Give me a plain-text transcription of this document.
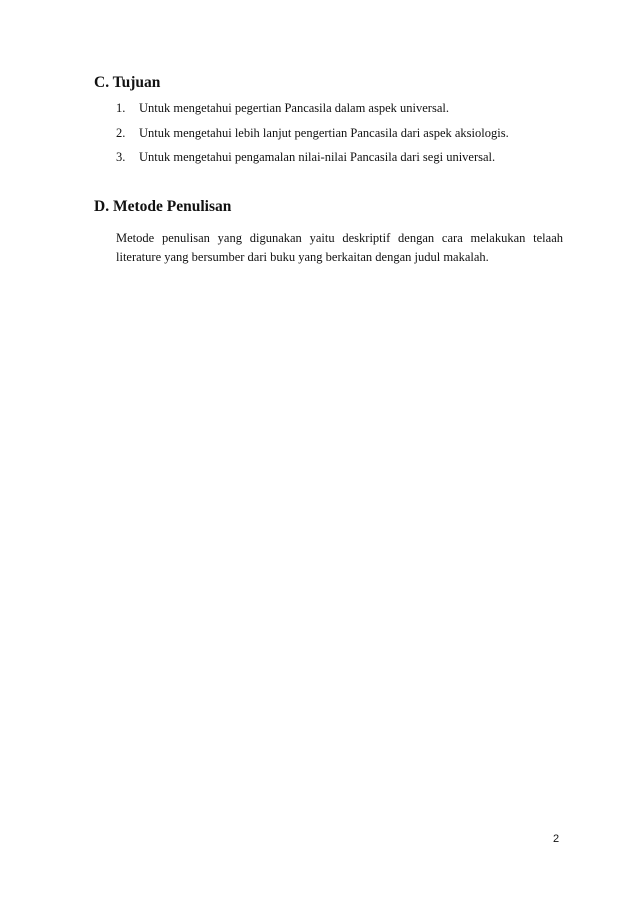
C. Tujuan
1.	Untuk mengetahui pegertian Pancasila dalam aspek universal.
2.	Untuk mengetahui lebih lanjut pengertian Pancasila dari aspek aksiologis.
3.	Untuk mengetahui pengamalan nilai-nilai Pancasila dari segi universal.
D. Metode Penulisan

Metode penulisan yang digunakan yaitu deskriptif dengan cara melakukan telaah literature yang bersumber dari buku yang berkaitan dengan judul makalah.

2
